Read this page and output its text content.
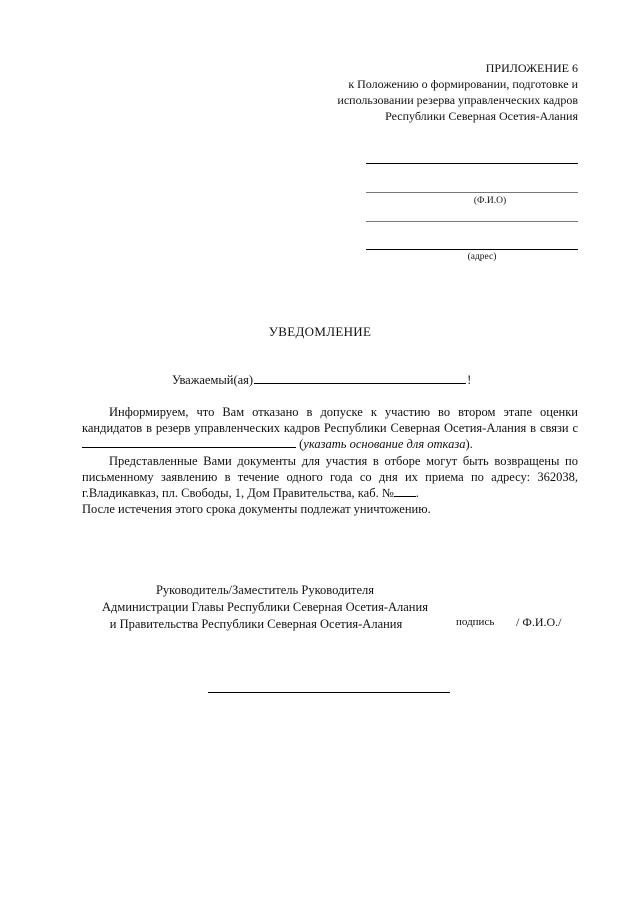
ПРИЛОЖЕНИЕ 6
к Положению о формировании, подготовке и
использовании резерва управленческих кадров
Республики Северная Осетия-Алания
(Ф.И.О)
(адрес)
УВЕДОМЛЕНИЕ
Уважаемый(ая)	!

Информируем, что Вам отказано в допуске к участию во втором этапе оценки кандидатов в резерв управленческих кадров Республики Северная Осетия-Алания в связи с  (указать основание для отказа).

Представленные Вами документы для участия в отборе могут быть возвращены по письменному заявлению в течение одного года со дня их приема по адресу: 362038, г.Владикавказ, пл. Свободы, 1, Дом Правительства, каб. № .

После истечения этого срока документы подлежат уничтожению.
Руководитель/Заместитель Руководителя
Администрации Главы Республики Северная Осетия-Алания
и Правительства Республики Северная Осетия-Алания	подпись / Ф.И.О./
